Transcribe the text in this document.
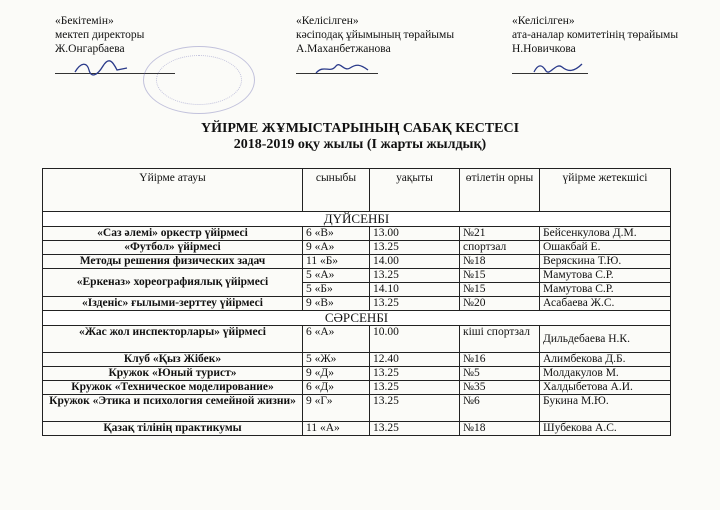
«Бекітемін»
мектеп директоры
Ж.Онгарбаева
«Келісілген»
кәсіподақ ұйымының төрайымы
А.Маханбетжанова
«Келісілген»
ата-аналар комитетінің төрайымы
Н.Новичкова
ҮЙІРМЕ ЖҰМЫСТАРЫНЫҢ САБАҚ КЕСТЕСІ
2018-2019 оқу жылы (І жарты жылдық)
Үйірме атауы	сыныбы	уақыты	өтілетін орны	үйірме жетекшісі
ДҮЙСЕНБІ				
«Саз әлемі» оркестр үйірмесі	6 «В»	13.00	№21	Бейсенкулова Д.М.
«Футбол» үйірмесі	9 «А»	13.25	спортзал	Ошакбай Е.
Методы решения физических задач	11 «Б»	14.00	№18	Веряскина Т.Ю.
«Еркеназ» хореографиялық үйірмесі	5 «А»	13.25	№15	Мамутова С.Р.
	5 «Б»	14.10	№15	Мамутова С.Р.
«Ізденіс» ғылыми-зерттеу үйірмесі	9 «В»	13.25	№20	Асабаева Ж.С.
СӘРСЕНБІ				
«Жас жол инспекторлары» үйірмесі	6 «А»	10.00	кіші спортзал	Дильдебаева Н.К.
Клуб «Қыз Жібек»	5 «Ж»	12.40	№16	Алимбекова Д.Б.
Кружок «Юный турист»	9 «Д»	13.25	№5	Молдакулов М.
Кружок «Техническое моделирование»	6 «Д»	13.25	№35	Халдыбетова А.И.
Кружок «Этика и психология семейной жизни»	9 «Г»	13.25	№6	Букина М.Ю.
Қазақ тілінің практикумы	11 «А»	13.25	№18	Шубекова А.С.
